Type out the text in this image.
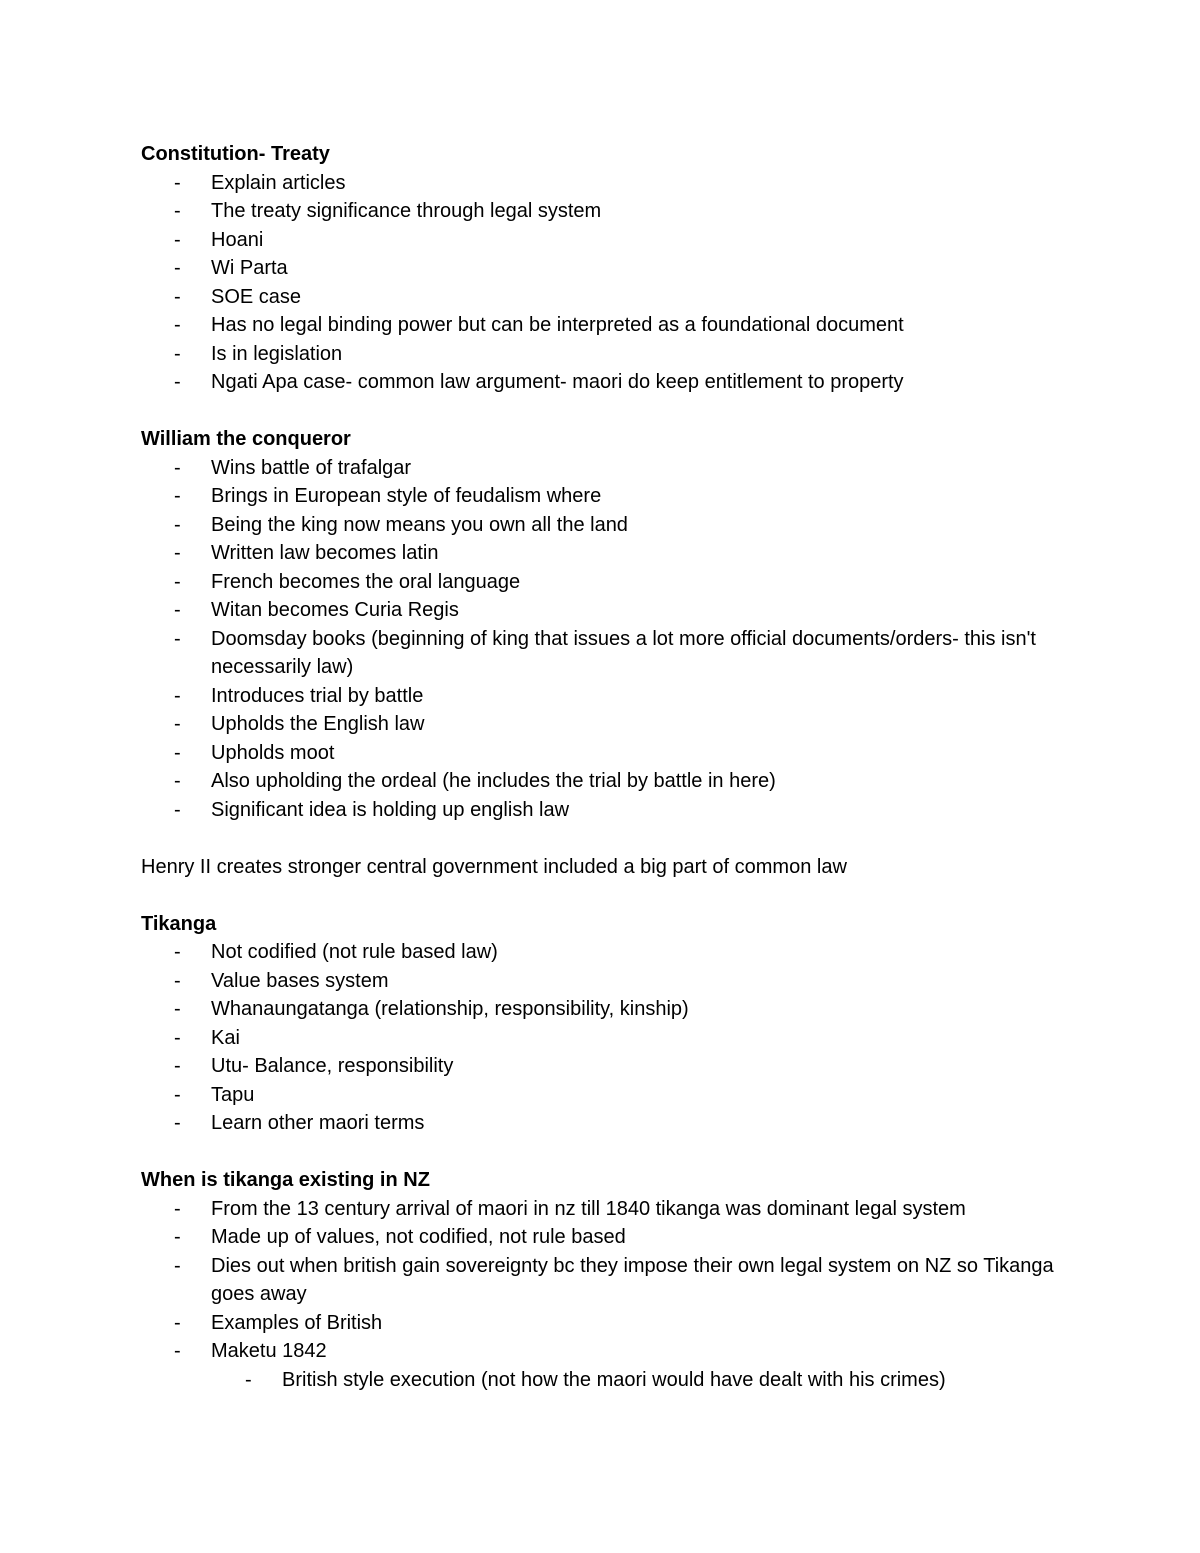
Constitution- Treaty

- Explain articles
- The treaty significance through legal system
- Hoani
- Wi Parta
- SOE case
- Has no legal binding power but can be interpreted as a foundational document
- Is in legislation
- Ngati Apa case- common law argument- maori do keep entitlement to property

William the conqueror

- Wins battle of trafalgar
- Brings in European style of feudalism where
- Being the king now means you own all the land
- Written law becomes latin
- French becomes the oral language
- Witan becomes Curia Regis
- Doomsday books (beginning of king that issues a lot more official documents/orders- this isn't necessarily law)
- Introduces trial by battle
- Upholds the English law
- Upholds moot
- Also upholding the ordeal (he includes the trial by battle in here)
- Significant idea is holding up english law

Henry II creates stronger central government included a big part of common law

Tikanga

- Not codified (not rule based law)
- Value bases system
- Whanaungatanga (relationship, responsibility, kinship)
- Kai
- Utu- Balance, responsibility
- Tapu
- Learn other maori terms

When is tikanga existing in NZ

- From the 13 century arrival of maori in nz till 1840 tikanga was dominant legal system
- Made up of values, not codified, not rule based
- Dies out when british gain sovereignty bc they impose their own legal system on NZ so Tikanga goes away
- Examples of British
- Maketu 1842
- British style execution (not how the maori would have dealt with his crimes)
